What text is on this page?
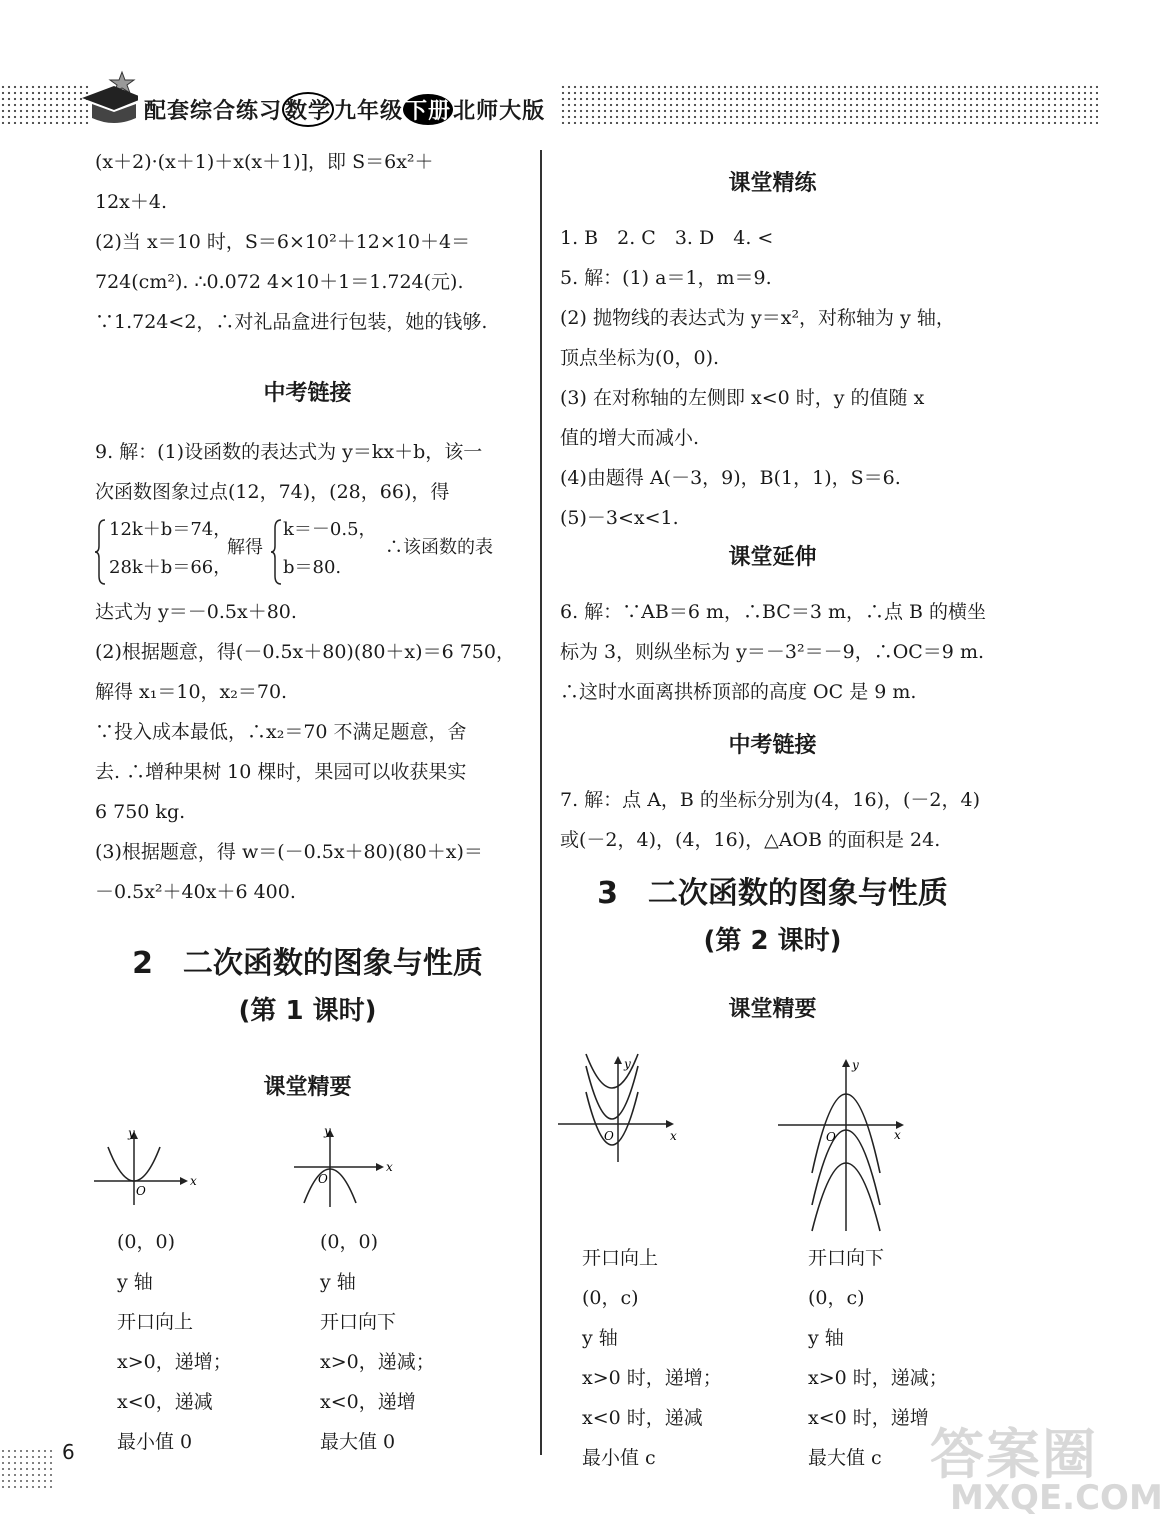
配套综合练习 数学 九年级下册北师大版
(x＋2)·(x＋1)＋x(x＋1)]，即 S＝6x²＋
12x＋4.
(2)当 x＝10 时，S＝6×10²＋12×10＋4＝
724(cm²). ∴0.072 4×10＋1＝1.724(元).
∵1.724<2，∴对礼品盒进行包装，她的钱够.
中考链接
9. 解：(1)设函数的表达式为 y＝kx＋b，该一
次函数图象过点(12，74)，(28，66)，得
12k＋b＝74，
28k＋b＝66，
解得
k＝－0.5，
b＝80.
∴该函数的表
达式为 y＝－0.5x＋80.
(2)根据题意，得(－0.5x＋80)(80＋x)＝6 750，
解得 x₁＝10，x₂＝70.
∵投入成本最低，∴x₂＝70 不满足题意，舍
去. ∴增种果树 10 棵时，果园可以收获果实
6 750 kg.
(3)根据题意，得 w＝(－0.5x＋80)(80＋x)＝
－0.5x²＋40x＋6 400.
2　二次函数的图象与性质
(第 1 课时)
课堂精要
x
y
O
x
y
O
(0，0)
y 轴
开口向上
x>0，递增；
x<0，递减
最小值 0
(0，0)
y 轴
开口向下
x>0，递减；
x<0，递增
最大值 0
课堂精练
1. B　2. C　3. D　4. <
5. 解：(1) a＝1，m＝9.
(2) 抛物线的表达式为 y＝x²，对称轴为 y 轴，
顶点坐标为(0，0).
(3) 在对称轴的左侧即 x<0 时，y 的值随 x
值的增大而减小.
(4)由题得 A(－3，9)，B(1，1)，S＝6.
(5)－3<x<1.
课堂延伸
6. 解：∵AB＝6 m，∴BC＝3 m，∴点 B 的横坐
标为 3，则纵坐标为 y＝－3²＝－9，∴OC＝9 m.
∴这时水面离拱桥顶部的高度 OC 是 9 m.
中考链接
7. 解：点 A，B 的坐标分别为(4，16)，(－2，4)
或(－2，4)，(4，16)，△AOB 的面积是 24.
3　二次函数的图象与性质
(第 2 课时)
课堂精要
x
y
O	x
y
O
开口向上
(0，c)
y 轴
x>0 时，递增；
x<0 时，递减
最小值 c
开口向下
(0，c)
y 轴
x>0 时，递减；
x<0 时，递增
最大值 c
6	答案圈
MXQE.COM
